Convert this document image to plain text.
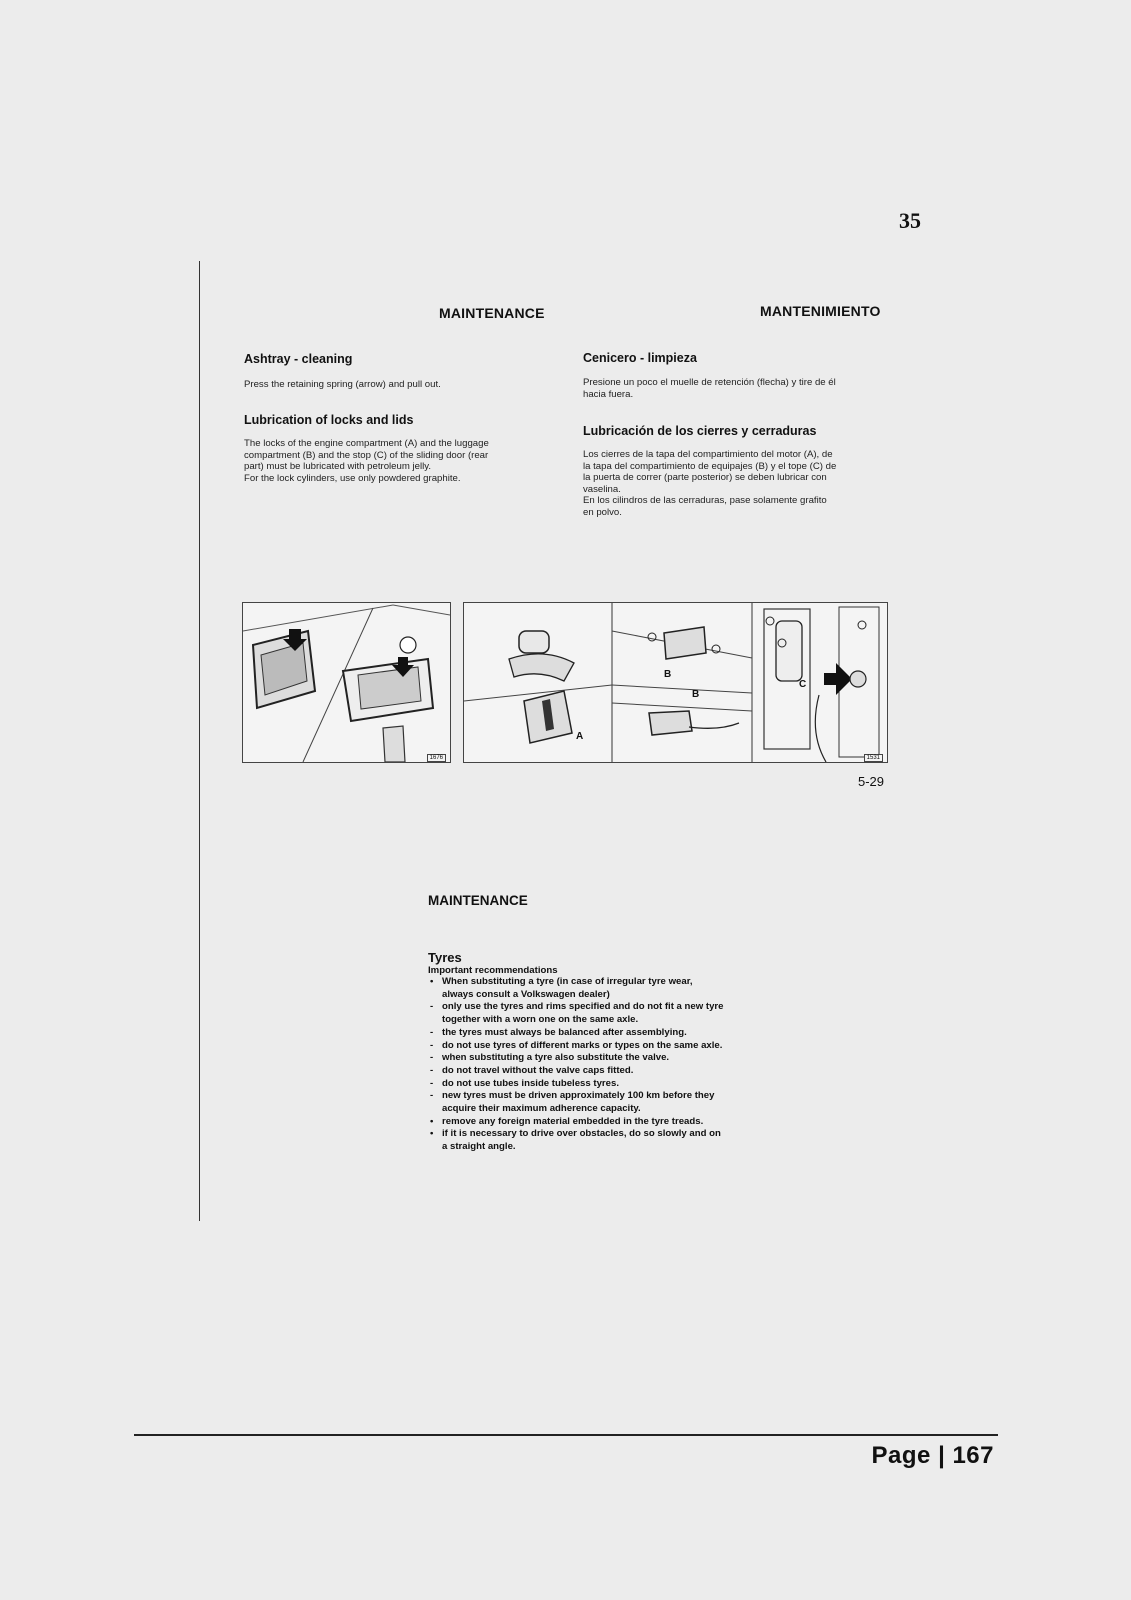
35
MAINTENANCE
Ashtray - cleaning
Press the retaining spring (arrow) and pull out.
Lubrication of locks and lids
The locks of the engine compartment (A) and the luggage
compartment (B) and the stop (C) of the sliding door (rear
part) must be lubricated with petroleum jelly.
For the lock cylinders, use only powdered graphite.
MANTENIMIENTO
Cenicero - limpieza
Presione un poco el muelle de retención (flecha) y tire de él
hacia fuera.
Lubricación de los cierres y cerraduras
Los cierres de la tapa del compartimiento del motor (A), de
la tapa del compartimiento de equipajes (B) y el tope (C) de
la puerta de correr (parte posterior) se deben lubricar con
vaselina.
En los cilindros de las cerraduras, pase solamente grafito
en polvo.
1676
A
B
B
C
1531
5-29
MAINTENANCE
Tyres
Important recommendations
• When substituting a tyre (in case of irregular tyre wear, always consult a Volkswagen dealer)
- only use the tyres and rims specified and do not fit a new tyre together with a worn one on the same axle.
- the tyres must always be balanced after assemblying.
- do not use tyres of different marks or types on the same axle.
- when substituting a tyre also substitute the valve.
- do not travel without the valve caps fitted.
- do not use tubes inside tubeless tyres.
- new tyres must be driven approximately 100 km before they acquire their maximum adherence capacity.
• remove any foreign material embedded in the tyre treads.
• if it is necessary to drive over obstacles, do so slowly and on a straight angle.
Page | 167
